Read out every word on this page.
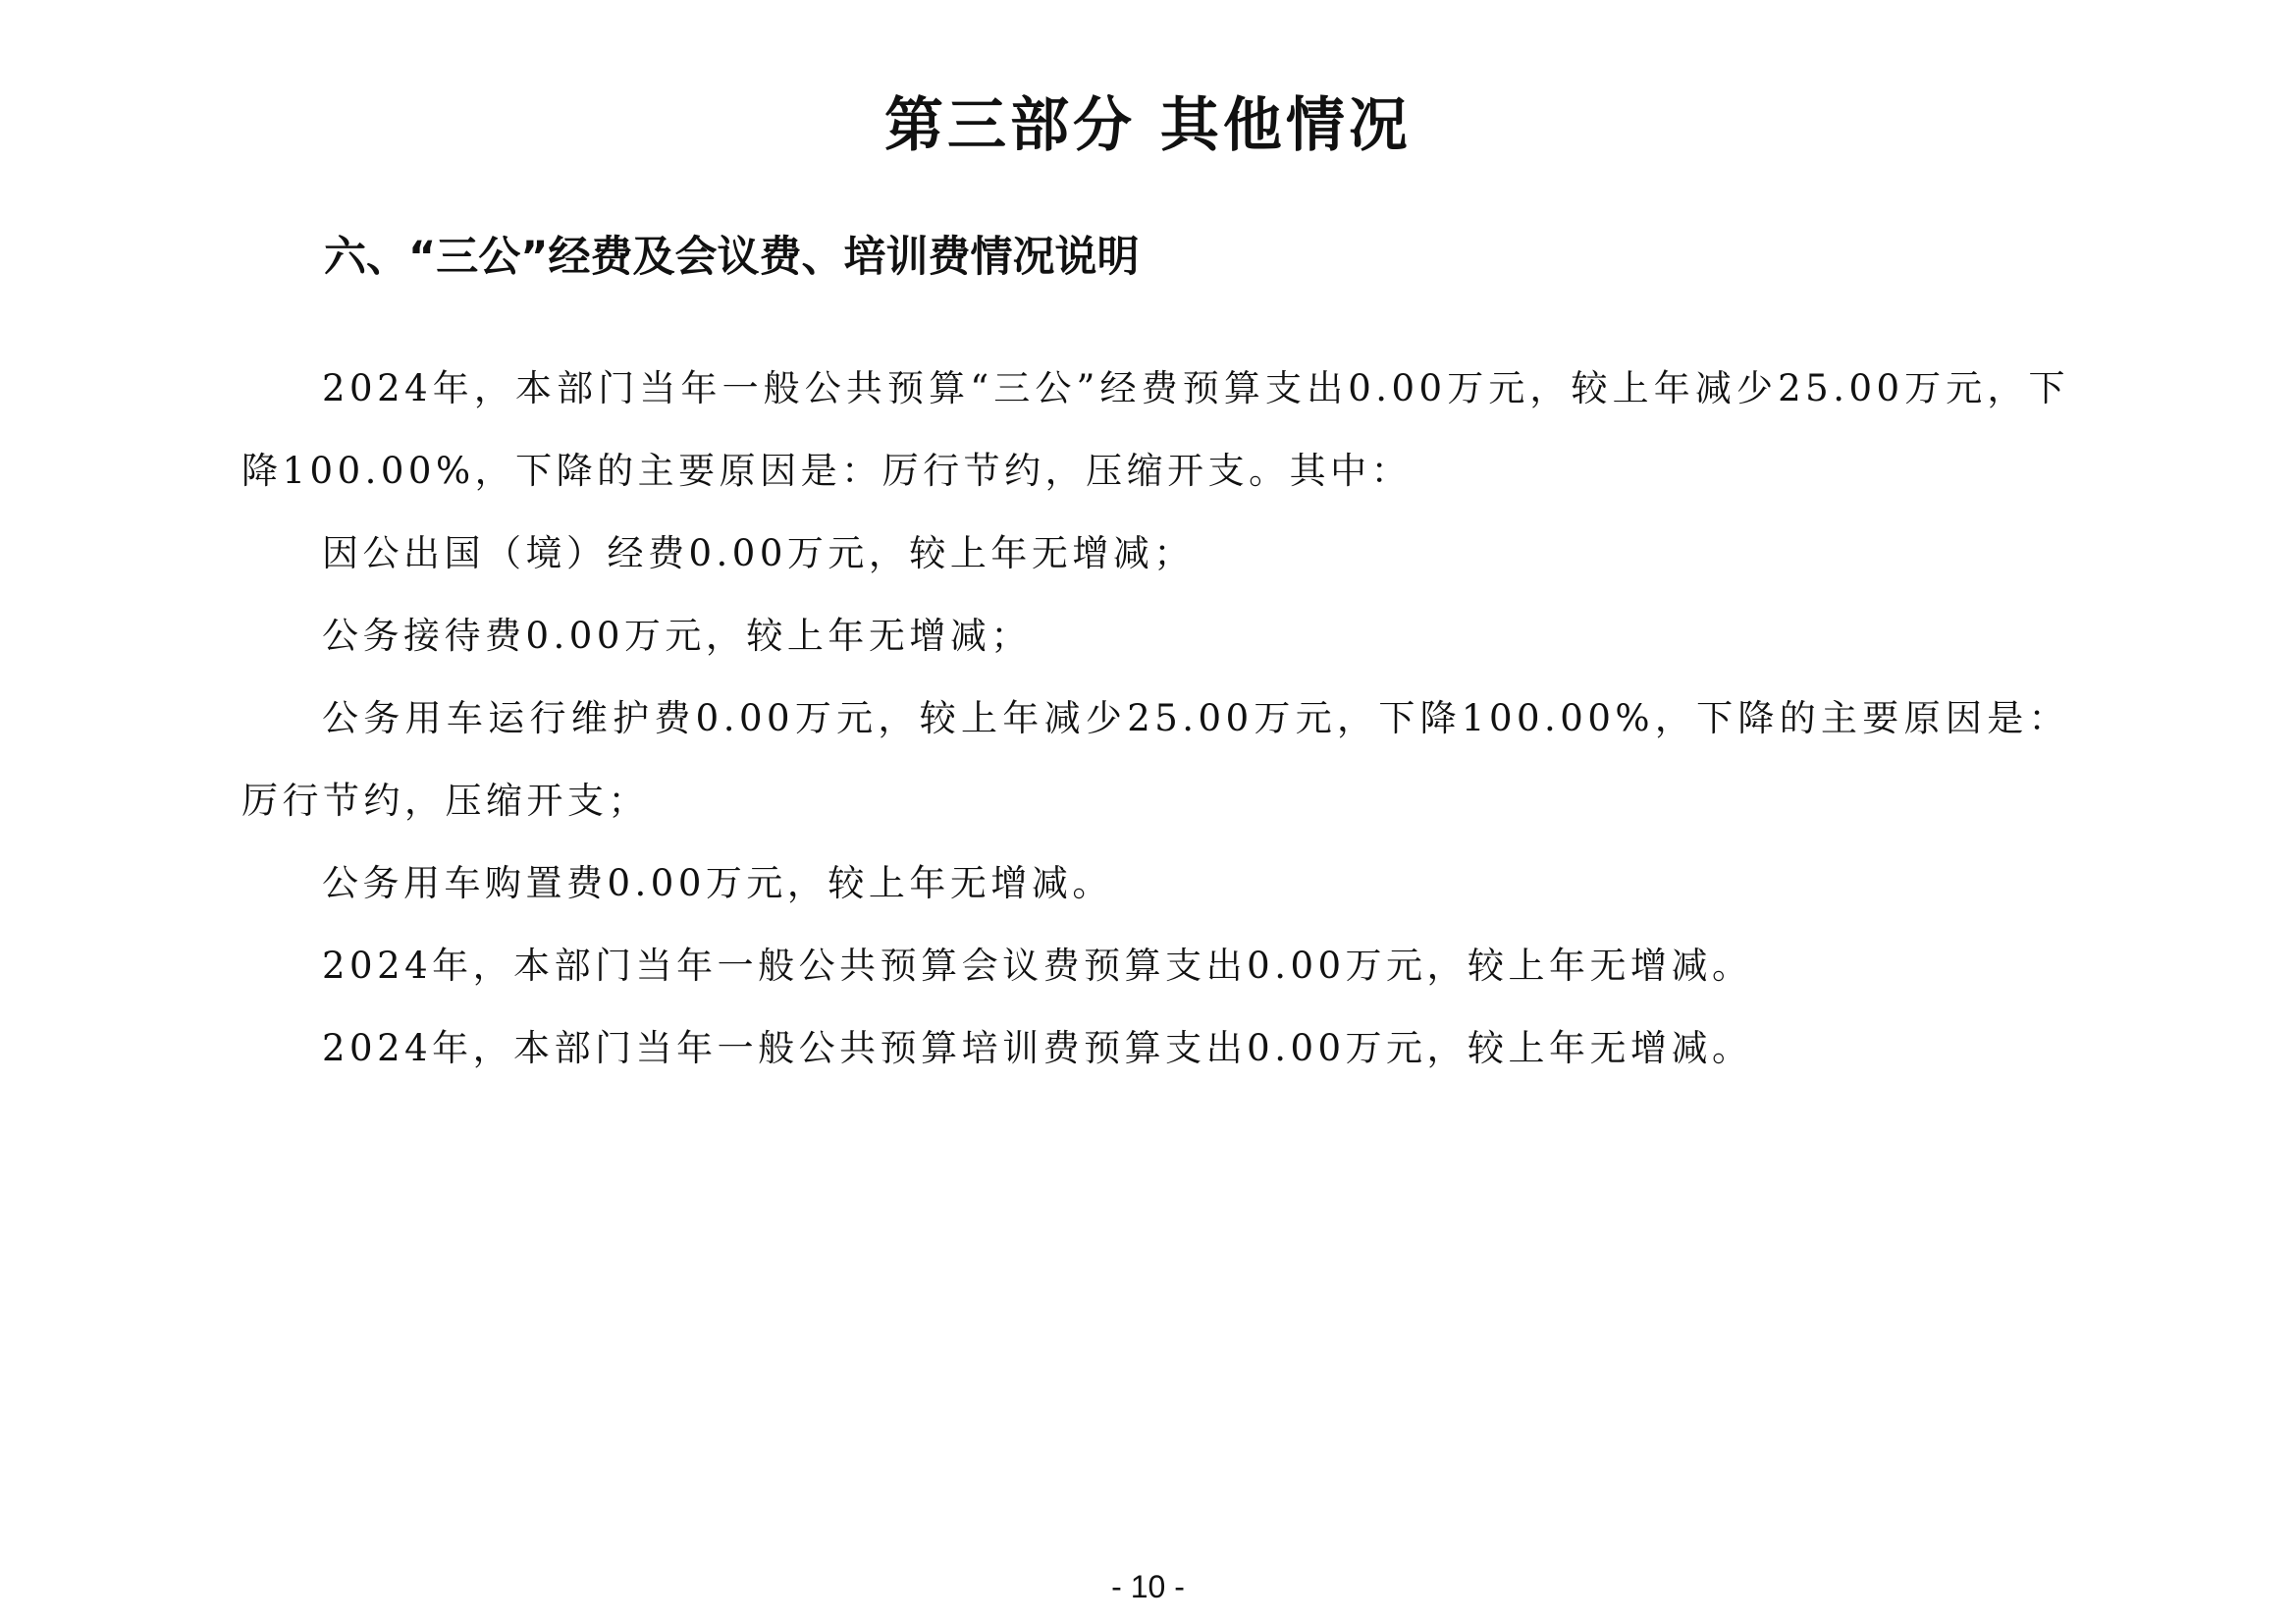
第三部分 其他情况
六、“三公”经费及会议费、培训费情况说明

2024年，本部门当年一般公共预算“三公”经费预算支出0.00万元，较上年减少25.00万元，下降100.00%，下降的主要原因是：厉行节约，压缩开支。其中：

因公出国（境）经费0.00万元，较上年无增减；

公务接待费0.00万元，较上年无增减；

公务用车运行维护费0.00万元，较上年减少25.00万元，下降100.00%，下降的主要原因是：厉行节约，压缩开支；

公务用车购置费0.00万元，较上年无增减。

2024年，本部门当年一般公共预算会议费预算支出0.00万元，较上年无增减。

2024年，本部门当年一般公共预算培训费预算支出0.00万元，较上年无增减。

- 10 -
